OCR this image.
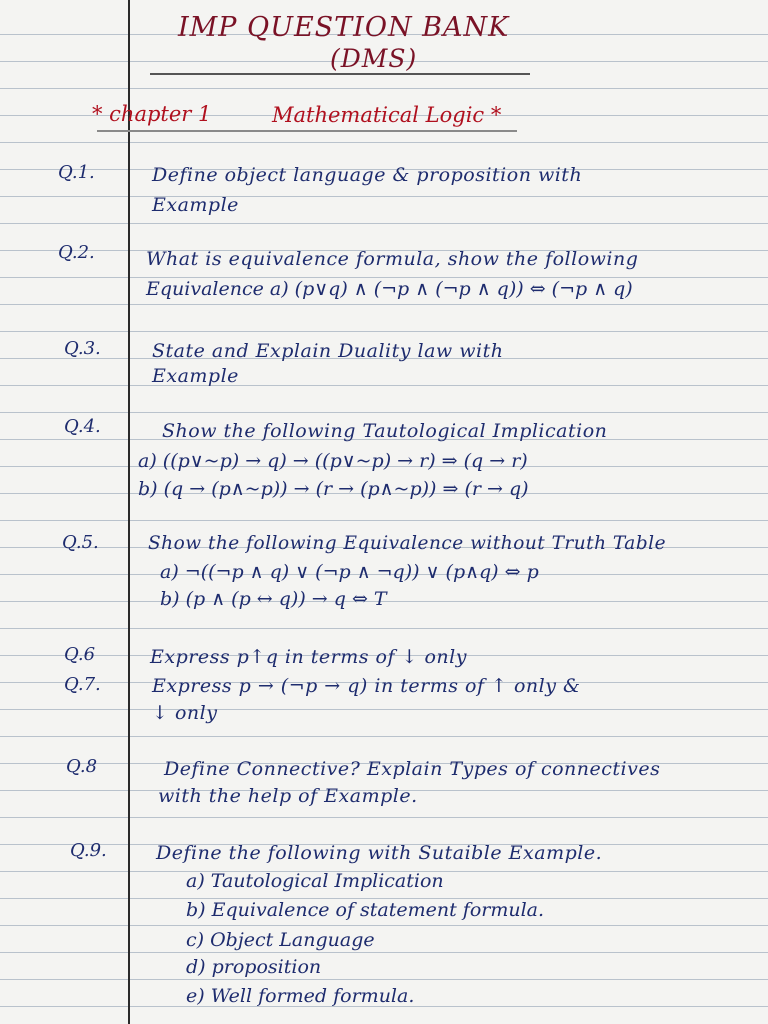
IMP QUESTION BANK
(DMS)
* chapter 1	Mathematical Logic *
Q.1.	Define object language & proposition with
Example
Q.2.	What is equivalence formula, show the following
Equivalence a) (p∨q) ∧ (¬p ∧ (¬p ∧ q)) ⇔ (¬p ∧ q)
Q.3.	State and Explain Duality law with
Example
Q.4.	Show the following Tautological Implication
a) ((p∨~p) → q) → ((p∨~p) → r) ⇒ (q → r)
b) (q → (p∧~p)) → (r → (p∧~p)) ⇒ (r → q)
Q.5.	Show the following Equivalence without Truth Table
a) ¬((¬p ∧ q) ∨ (¬p ∧ ¬q)) ∨ (p∧q) ⇔ p
b) (p ∧ (p ↔ q)) → q ⇔ T
Q.6	Express p↑q in terms of ↓ only
Q.7.	Express p → (¬p → q) in terms of ↑ only &
↓ only
Q.8	Define Connective? Explain Types of connectives
with the help of Example.
Q.9.	Define the following with Sutaible Example.
a) Tautological Implication
b) Equivalence of statement formula.
c) Object Language
d) proposition
e) Well formed formula.
